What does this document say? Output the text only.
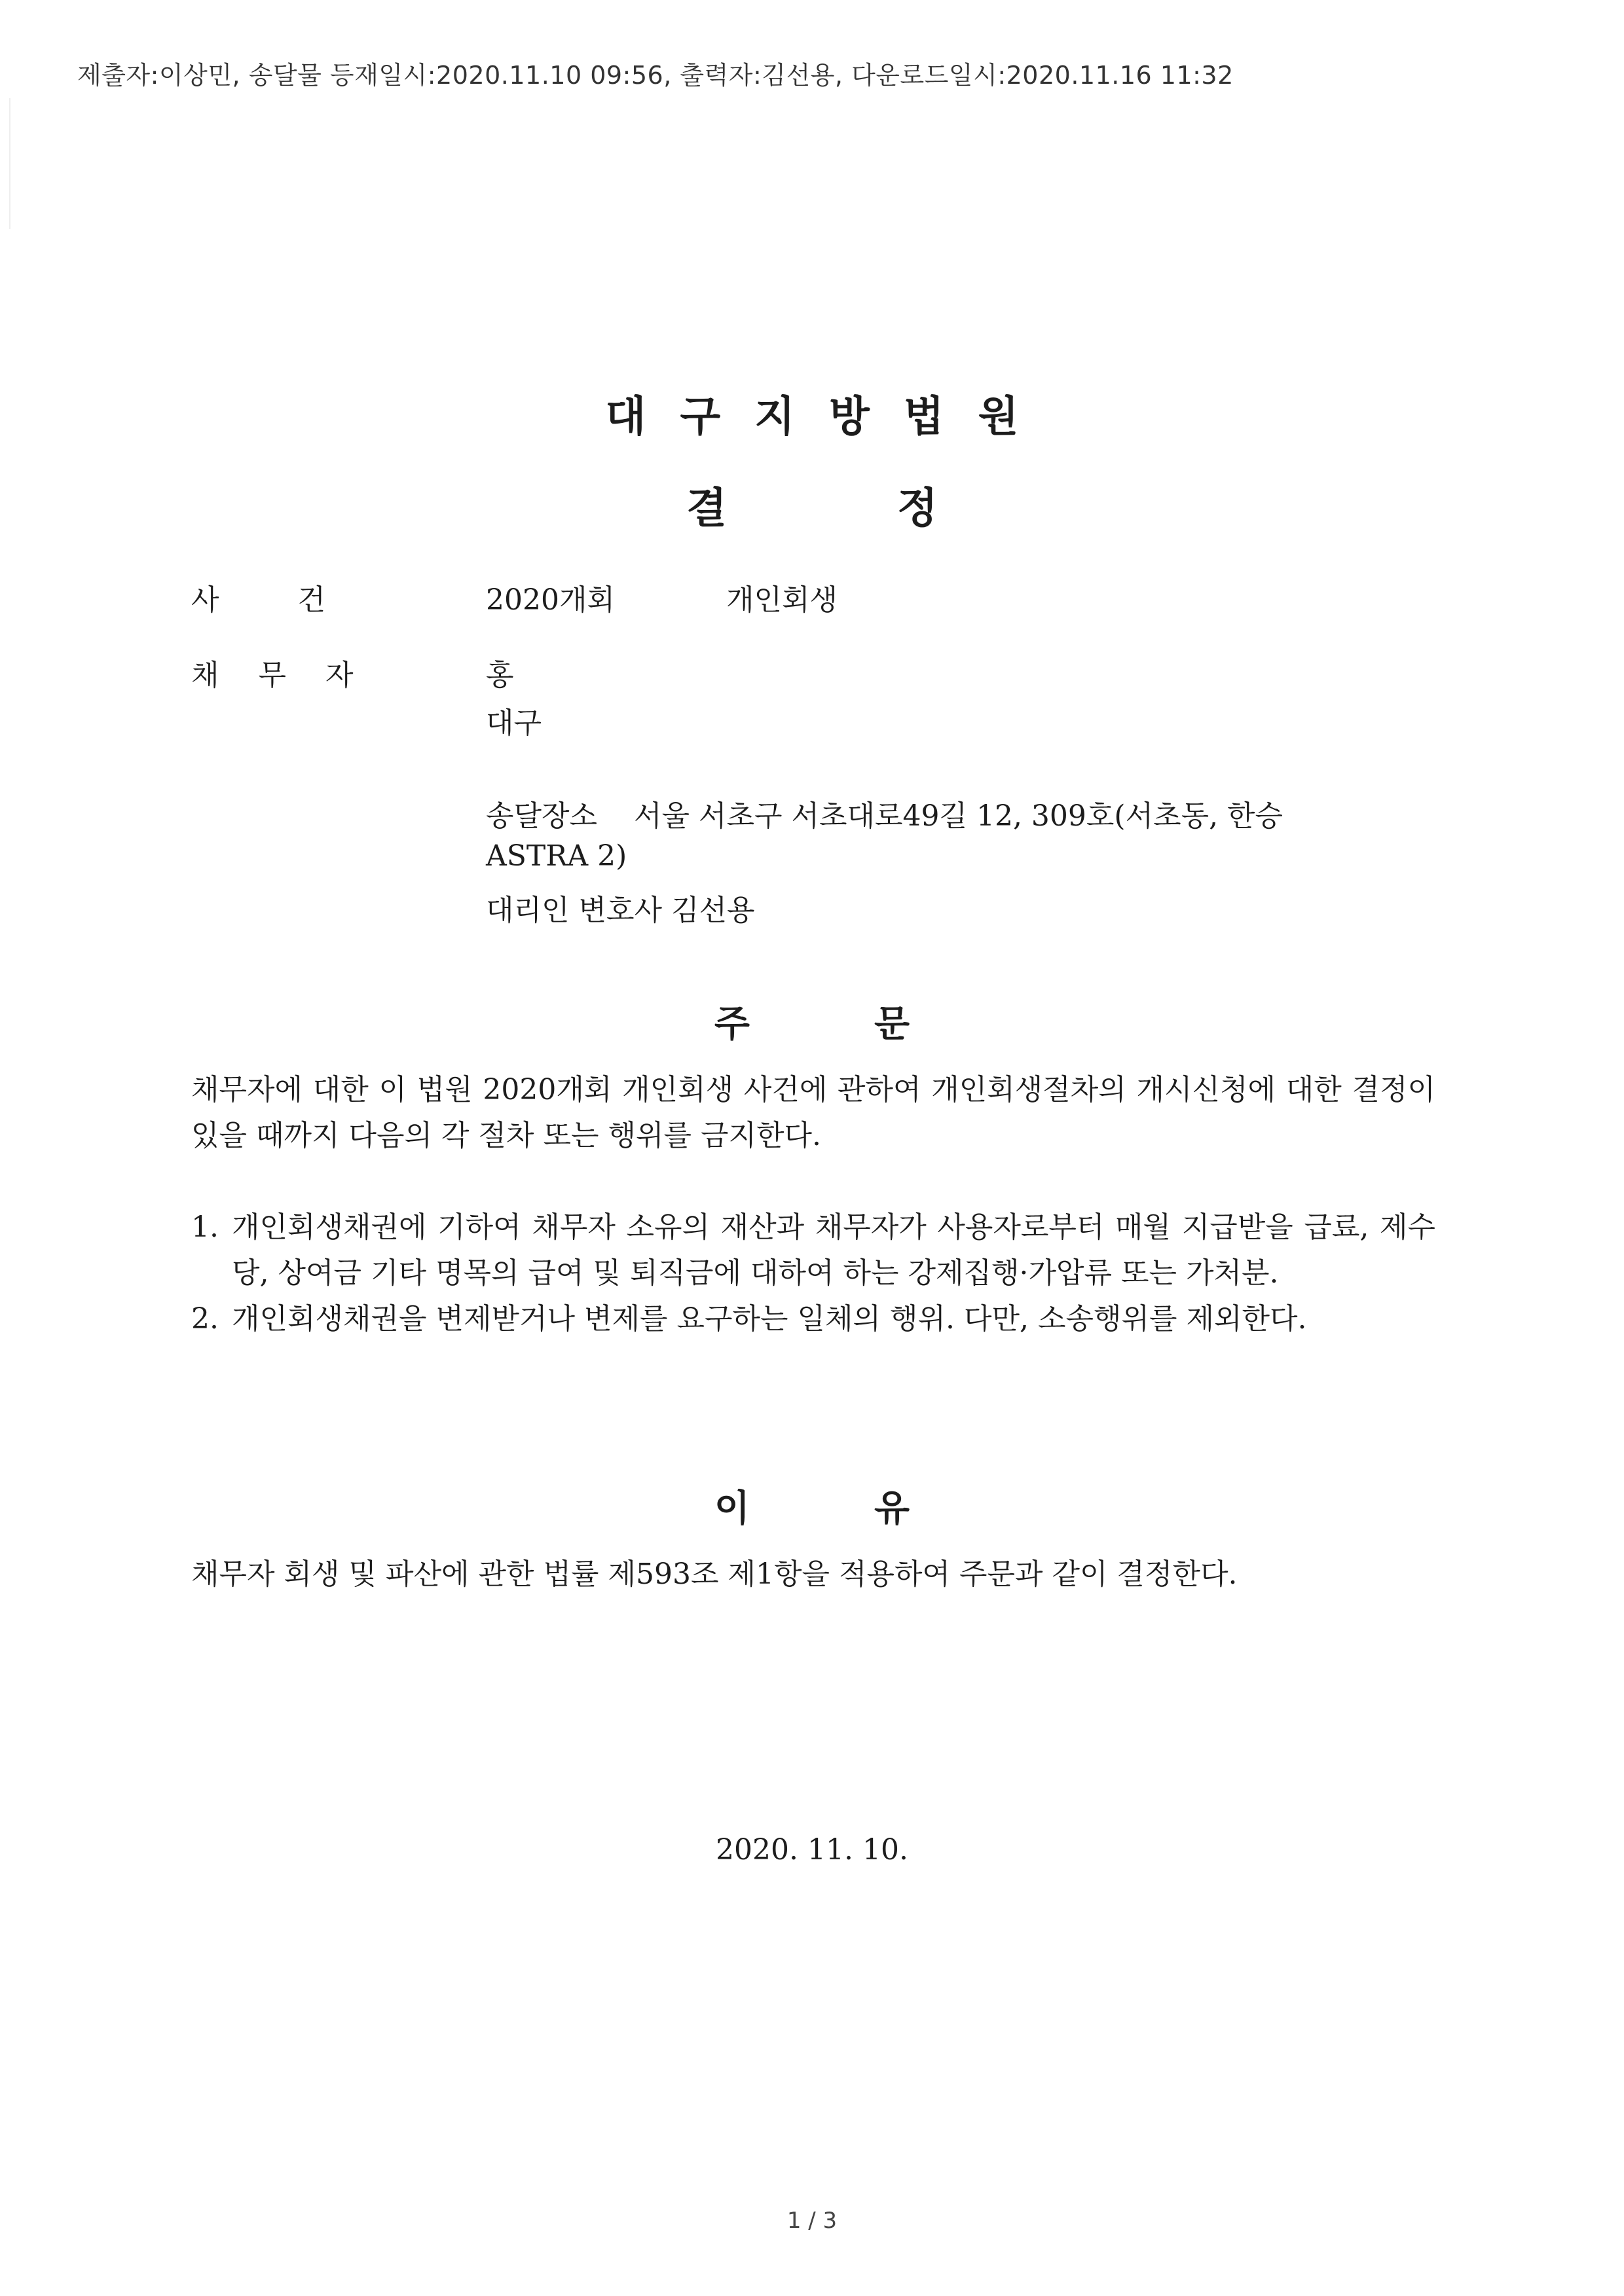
제출자:이상민, 송달물 등재일시:2020.11.10 09:56, 출력자:김선용, 다운로드일시:2020.11.16 11:32
대구지방법원
결정
사건	2020개회	개인회생
채무자	홍
대구
송달장소 서울 서초구 서초대로49길 12, 309호(서초동, 한승
ASTRA 2)
대리인 변호사 김선용
주문
채무자에 대한 이 법원 2020개회 개인회생 사건에 관하여 개인회생절차의 개시신청에 대한 결정이 있을 때까지 다음의 각 절차 또는 행위를 금지한다.
1. 개인회생채권에 기하여 채무자 소유의 재산과 채무자가 사용자로부터 매월 지급받을 급료, 제수당, 상여금 기타 명목의 급여 및 퇴직금에 대하여 하는 강제집행·가압류 또는 가처분.
2. 개인회생채권을 변제받거나 변제를 요구하는 일체의 행위. 다만, 소송행위를 제외한다.
이유
채무자 회생 및 파산에 관한 법률 제593조 제1항을 적용하여 주문과 같이 결정한다.
2020. 11. 10.
1 / 3
